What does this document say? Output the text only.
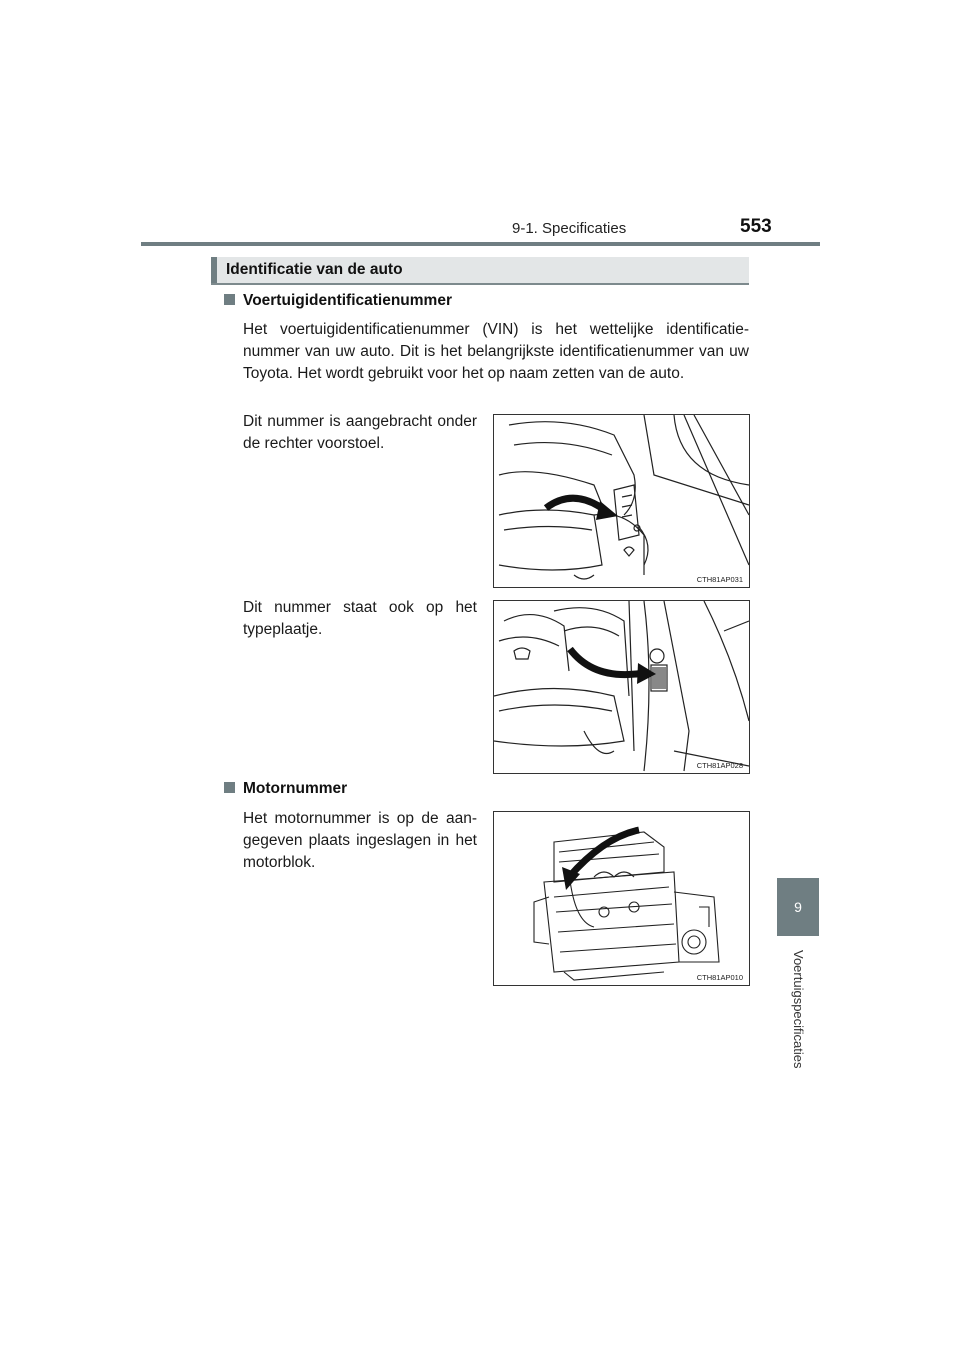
9-1. Specificaties	553
9
Voertuigspecificaties
Identificatie van de auto
Voertuigidentificatienummer
Het voertuigidentificatienummer (VIN) is het wettelijke identificatie- nummer van uw auto. Dit is het belangrijkste identificatienummer van uw Toyota. Het wordt gebruikt voor het op naam zetten van de auto.
Dit nummer is aangebracht onder de rechter voorstoel.
CTH81AP031
Dit nummer staat ook op het typeplaatje.
CTH81AP028
Motornummer
Het motornummer is op de aan- gegeven plaats ingeslagen in het motorblok.
CTH81AP010
